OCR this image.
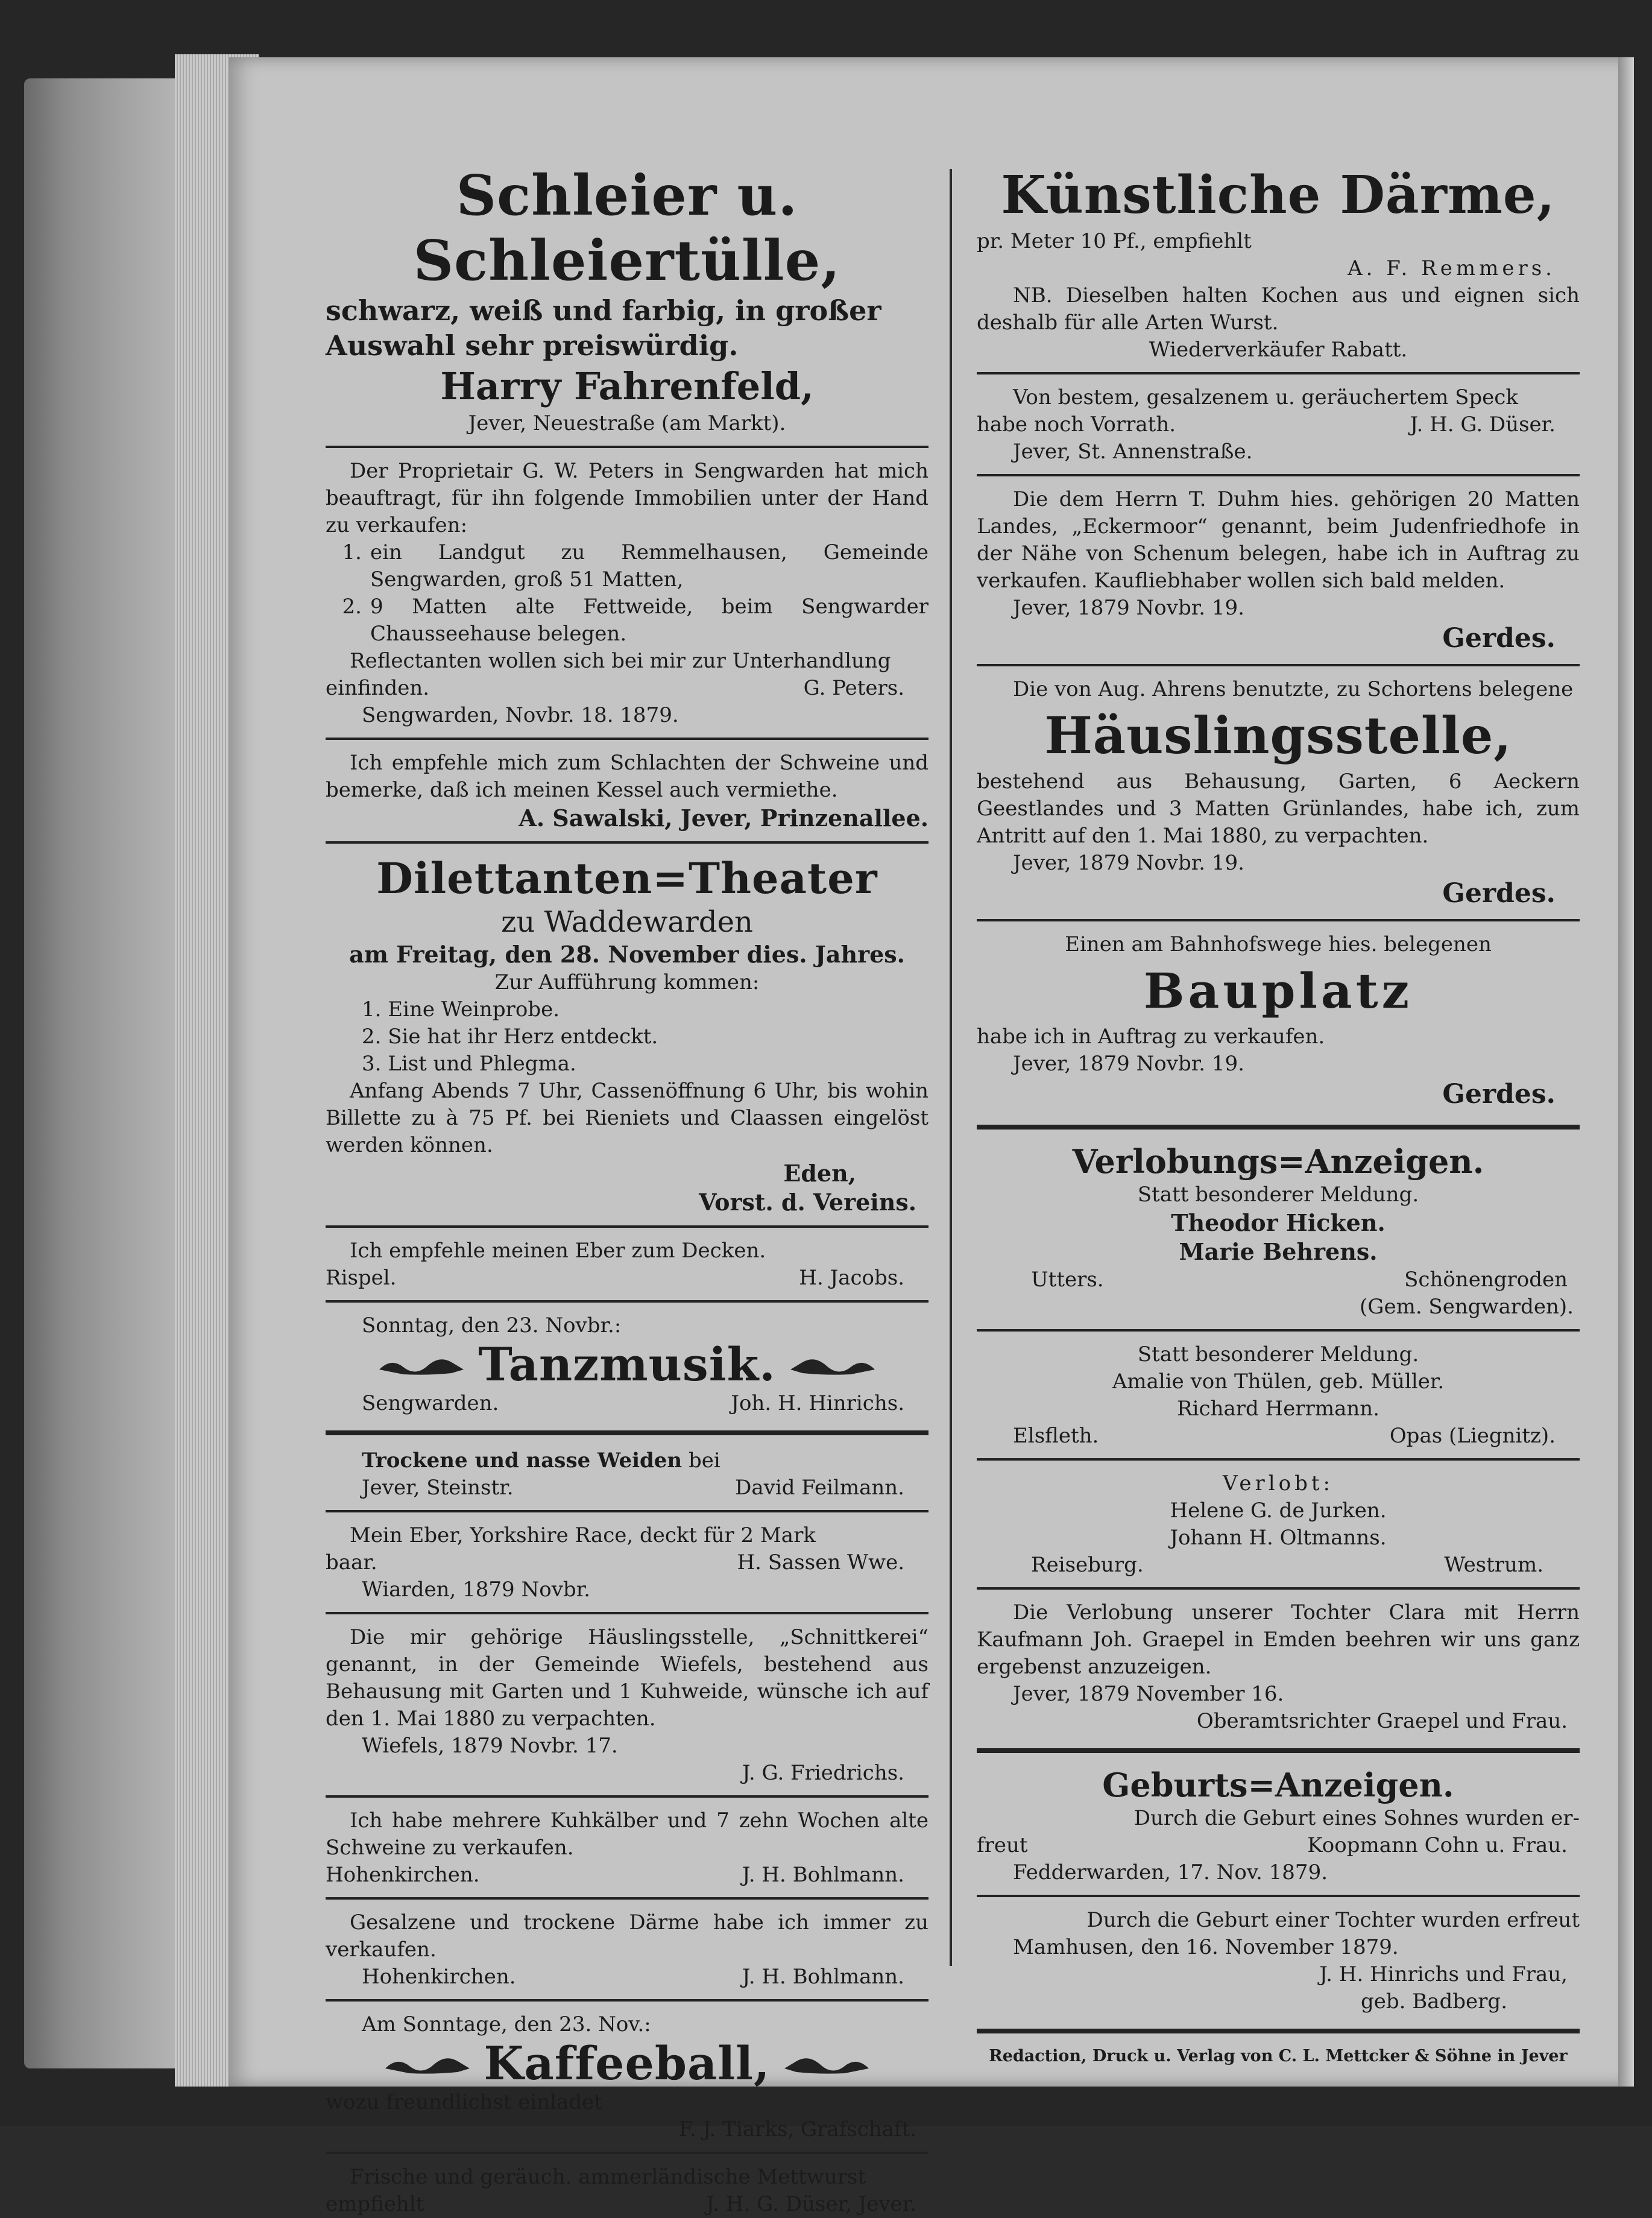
Schleier u. Schleiertülle,
schwarz, weiß und farbig, in großer
Auswahl sehr preiswürdig.
Harry Fahrenfeld,
Jever, Neuestraße (am Markt).
Der Proprietair G. W. Peters in Sengwarden hat mich beauftragt, für ihn folgende Immobilien unter der Hand zu verkaufen:
1. ein Landgut zu Remmelhausen, Gemeinde Sengwarden, groß 51 Matten,
2. 9 Matten alte Fettweide, beim Sengwarder Chausseehause belegen.
Reflectanten wollen sich bei mir zur Unterhandlung
einfinden.	G. Peters.
Sengwarden, Novbr. 18. 1879.
Ich empfehle mich zum Schlachten der Schweine und bemerke, daß ich meinen Kessel auch vermiethe.
A. Sawalski, Jever, Prinzenallee.
Dilettanten=Theater
zu Waddewarden
am Freitag, den 28. November dies. Jahres.
Zur Aufführung kommen:
1. Eine Weinprobe.
2. Sie hat ihr Herz entdeckt.
3. List und Phlegma.
Anfang Abends 7 Uhr, Cassenöffnung 6 Uhr, bis wohin Billette zu à 75 Pf. bei Rieniets und Claassen eingelöst werden können.
Eden,
Vorst. d. Vereins.
Ich empfehle meinen Eber zum Decken.
Rispel.	H. Jacobs.
Sonntag, den 23. Novbr.:
Tanzmusik.
Sengwarden.	Joh. H. Hinrichs.
Trockene und nasse Weiden bei
Jever, Steinstr.	David Feilmann.
Mein Eber, Yorkshire Race, deckt für 2 Mark
baar.	H. Sassen Wwe.
Wiarden, 1879 Novbr.
Die mir gehörige Häuslingsstelle, „Schnittkerei“ genannt, in der Gemeinde Wiefels, bestehend aus Behausung mit Garten und 1 Kuhweide, wünsche ich auf den 1. Mai 1880 zu verpachten.
Wiefels, 1879 Novbr. 17.
J. G. Friedrichs.
Ich habe mehrere Kuhkälber und 7 zehn Wochen alte Schweine zu verkaufen.
Hohenkirchen.	J. H. Bohlmann.
Gesalzene und trockene Därme habe ich immer zu verkaufen.
Hohenkirchen.	J. H. Bohlmann.
Am Sonntage, den 23. Nov.:
Kaffeeball,
wozu freundlichst einladet
F. J. Tiarks, Grafschaft.
Frische und geräuch. ammerländische Mettwurst
empfiehlt	J. H. G. Düser, Jever.
Künstliche Därme,
pr. Meter 10 Pf., empfiehlt
A. F. Remmers.
NB. Dieselben halten Kochen aus und eignen sich deshalb für alle Arten Wurst.
Wiederverkäufer Rabatt.
Von bestem, gesalzenem u. geräuchertem Speck
habe noch Vorrath.	J. H. G. Düser.
Jever, St. Annenstraße.
Die dem Herrn T. Duhm hies. gehörigen 20 Matten Landes, „Eckermoor“ genannt, beim Judenfriedhofe in der Nähe von Schenum belegen, habe ich in Auftrag zu verkaufen. Kaufliebhaber wollen sich bald melden.
Jever, 1879 Novbr. 19.
Gerdes.
Die von Aug. Ahrens benutzte, zu Schortens belegene
Häuslingsstelle,
bestehend aus Behausung, Garten, 6 Aeckern Geestlandes und 3 Matten Grünlandes, habe ich, zum Antritt auf den 1. Mai 1880, zu verpachten.
Jever, 1879 Novbr. 19.
Gerdes.
Einen am Bahnhofswege hies. belegenen
Bauplatz
habe ich in Auftrag zu verkaufen.
Jever, 1879 Novbr. 19.
Gerdes.
Verlobungs=Anzeigen.
Statt besonderer Meldung.
Theodor Hicken.
Marie Behrens.
Utters.	Schönengroden
(Gem. Sengwarden).
Statt besonderer Meldung.
Amalie von Thülen, geb. Müller.
Richard Herrmann.
Elsfleth.	Opas (Liegnitz).
Verlobt:
Helene G. de Jurken.
Johann H. Oltmanns.
Reiseburg.	Westrum.
Die Verlobung unserer Tochter Clara mit Herrn Kaufmann Joh. Graepel in Emden beehren wir uns ganz ergebenst anzuzeigen.
Jever, 1879 November 16.
Oberamtsrichter Graepel und Frau.
Geburts=Anzeigen.
Durch die Geburt eines Sohnes wurden er-
freut	Koopmann Cohn u. Frau.
Fedderwarden, 17. Nov. 1879.
Durch die Geburt einer Tochter wurden erfreut
Mamhusen, den 16. November 1879.
J. H. Hinrichs und Frau,
geb. Badberg.
Redaction, Druck u. Verlag von C. L. Mettcker & Söhne in Jever
